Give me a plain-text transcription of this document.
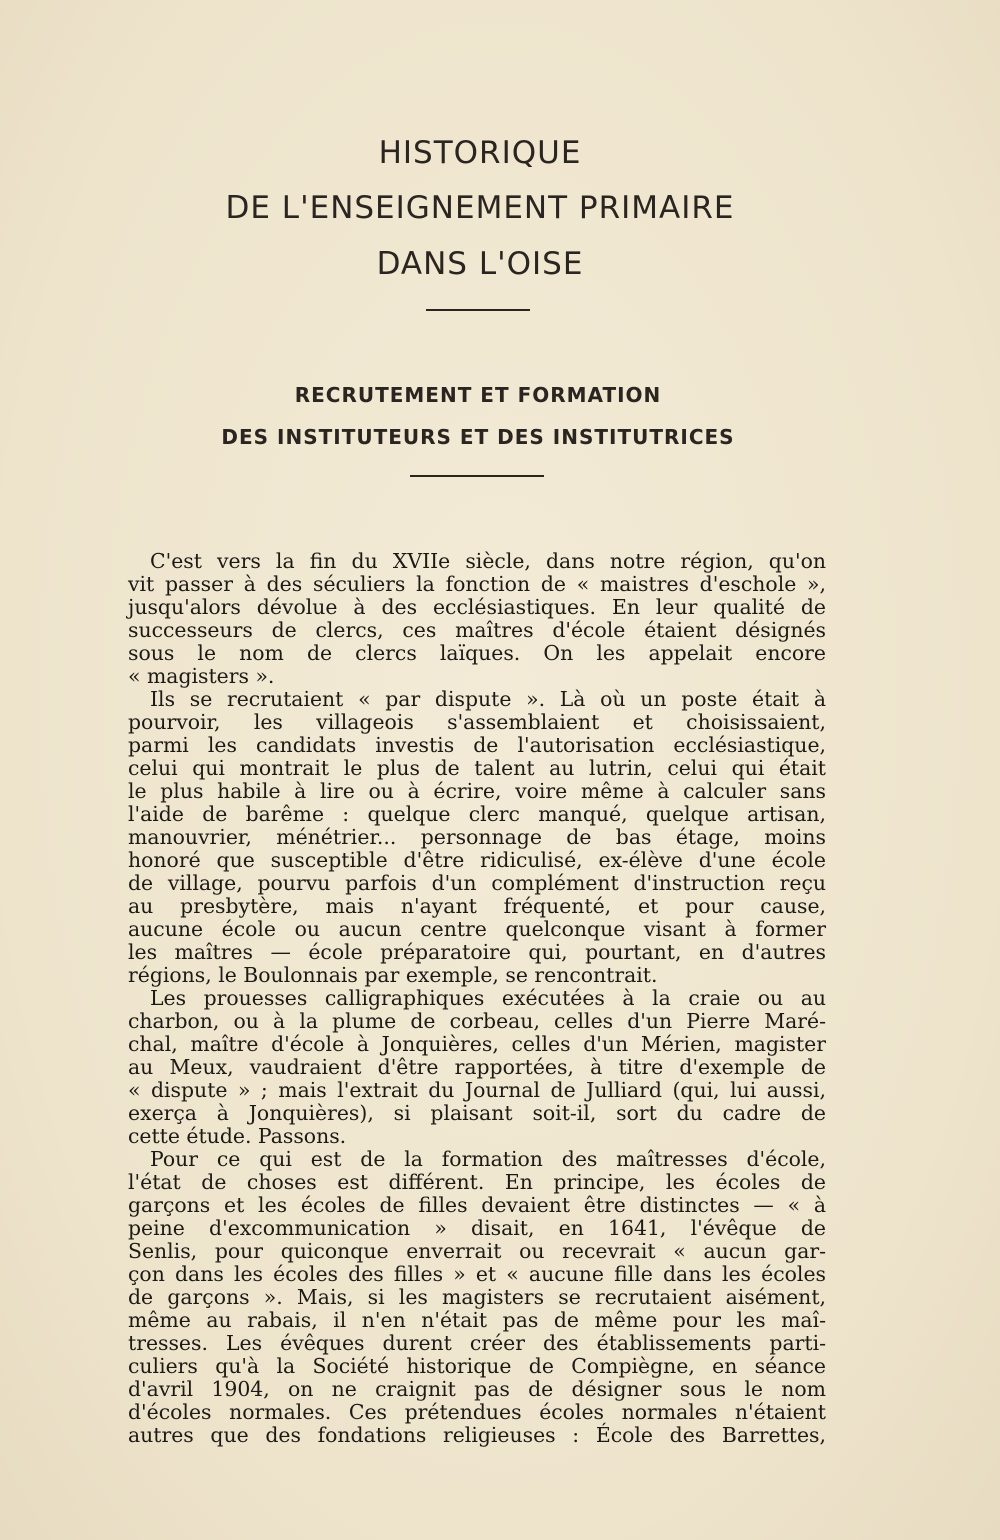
HISTORIQUE
DE L'ENSEIGNEMENT PRIMAIRE
DANS L'OISE
RECRUTEMENT ET FORMATION
DES INSTITUTEURS ET DES INSTITUTRICES
C'est vers la fin du XVIIe siècle, dans notre région, qu'on
vit passer à des séculiers la fonction de « maistres d'eschole »,
jusqu'alors dévolue à des ecclésiastiques. En leur qualité de
successeurs de clercs, ces maîtres d'école étaient désignés
sous le nom de clercs laïques. On les appelait encore
« magisters ».
Ils se recrutaient « par dispute ». Là où un poste était à
pourvoir, les villageois s'assemblaient et choisissaient,
parmi les candidats investis de l'autorisation ecclésiastique,
celui qui montrait le plus de talent au lutrin, celui qui était
le plus habile à lire ou à écrire, voire même à calculer sans
l'aide de barême : quelque clerc manqué, quelque artisan,
manouvrier, ménétrier... personnage de bas étage, moins
honoré que susceptible d'être ridiculisé, ex-élève d'une école
de village, pourvu parfois d'un complément d'instruction reçu
au presbytère, mais n'ayant fréquenté, et pour cause,
aucune école ou aucun centre quelconque visant à former
les maîtres — école préparatoire qui, pourtant, en d'autres
régions, le Boulonnais par exemple, se rencontrait.
Les prouesses calligraphiques exécutées à la craie ou au
charbon, ou à la plume de corbeau, celles d'un Pierre Maré-
chal, maître d'école à Jonquières, celles d'un Mérien, magister
au Meux, vaudraient d'être rapportées, à titre d'exemple de
« dispute » ; mais l'extrait du Journal de Julliard (qui, lui aussi,
exerça à Jonquières), si plaisant soit-il, sort du cadre de
cette étude. Passons.
Pour ce qui est de la formation des maîtresses d'école,
l'état de choses est différent. En principe, les écoles de
garçons et les écoles de filles devaient être distinctes — « à
peine d'excommunication » disait, en 1641, l'évêque de
Senlis, pour quiconque enverrait ou recevrait « aucun gar-
çon dans les écoles des filles » et « aucune fille dans les écoles
de garçons ». Mais, si les magisters se recrutaient aisément,
même au rabais, il n'en n'était pas de même pour les maî-
tresses. Les évêques durent créer des établissements parti-
culiers qu'à la Société historique de Compiègne, en séance
d'avril 1904, on ne craignit pas de désigner sous le nom
d'écoles normales. Ces prétendues écoles normales n'étaient
autres que des fondations religieuses : École des Barrettes,
